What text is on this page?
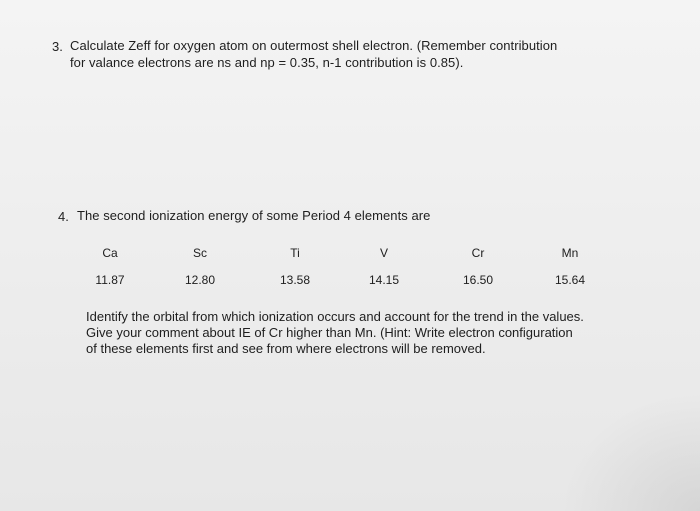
3. Calculate Zeff for oxygen atom on outermost shell electron. (Remember contribution
for valance electrons are ns and np = 0.35, n-1 contribution is 0.85).
4. The second ionization energy of some Period 4 elements are
Ca	Sc	Ti	V	Cr	Mn
11.87	12.80	13.58	14.15	16.50	15.64
Identify the orbital from which ionization occurs and account for the trend in the values.
Give your comment about IE of Cr higher than Mn. (Hint: Write electron configuration
of these elements first and see from where electrons will be removed.
